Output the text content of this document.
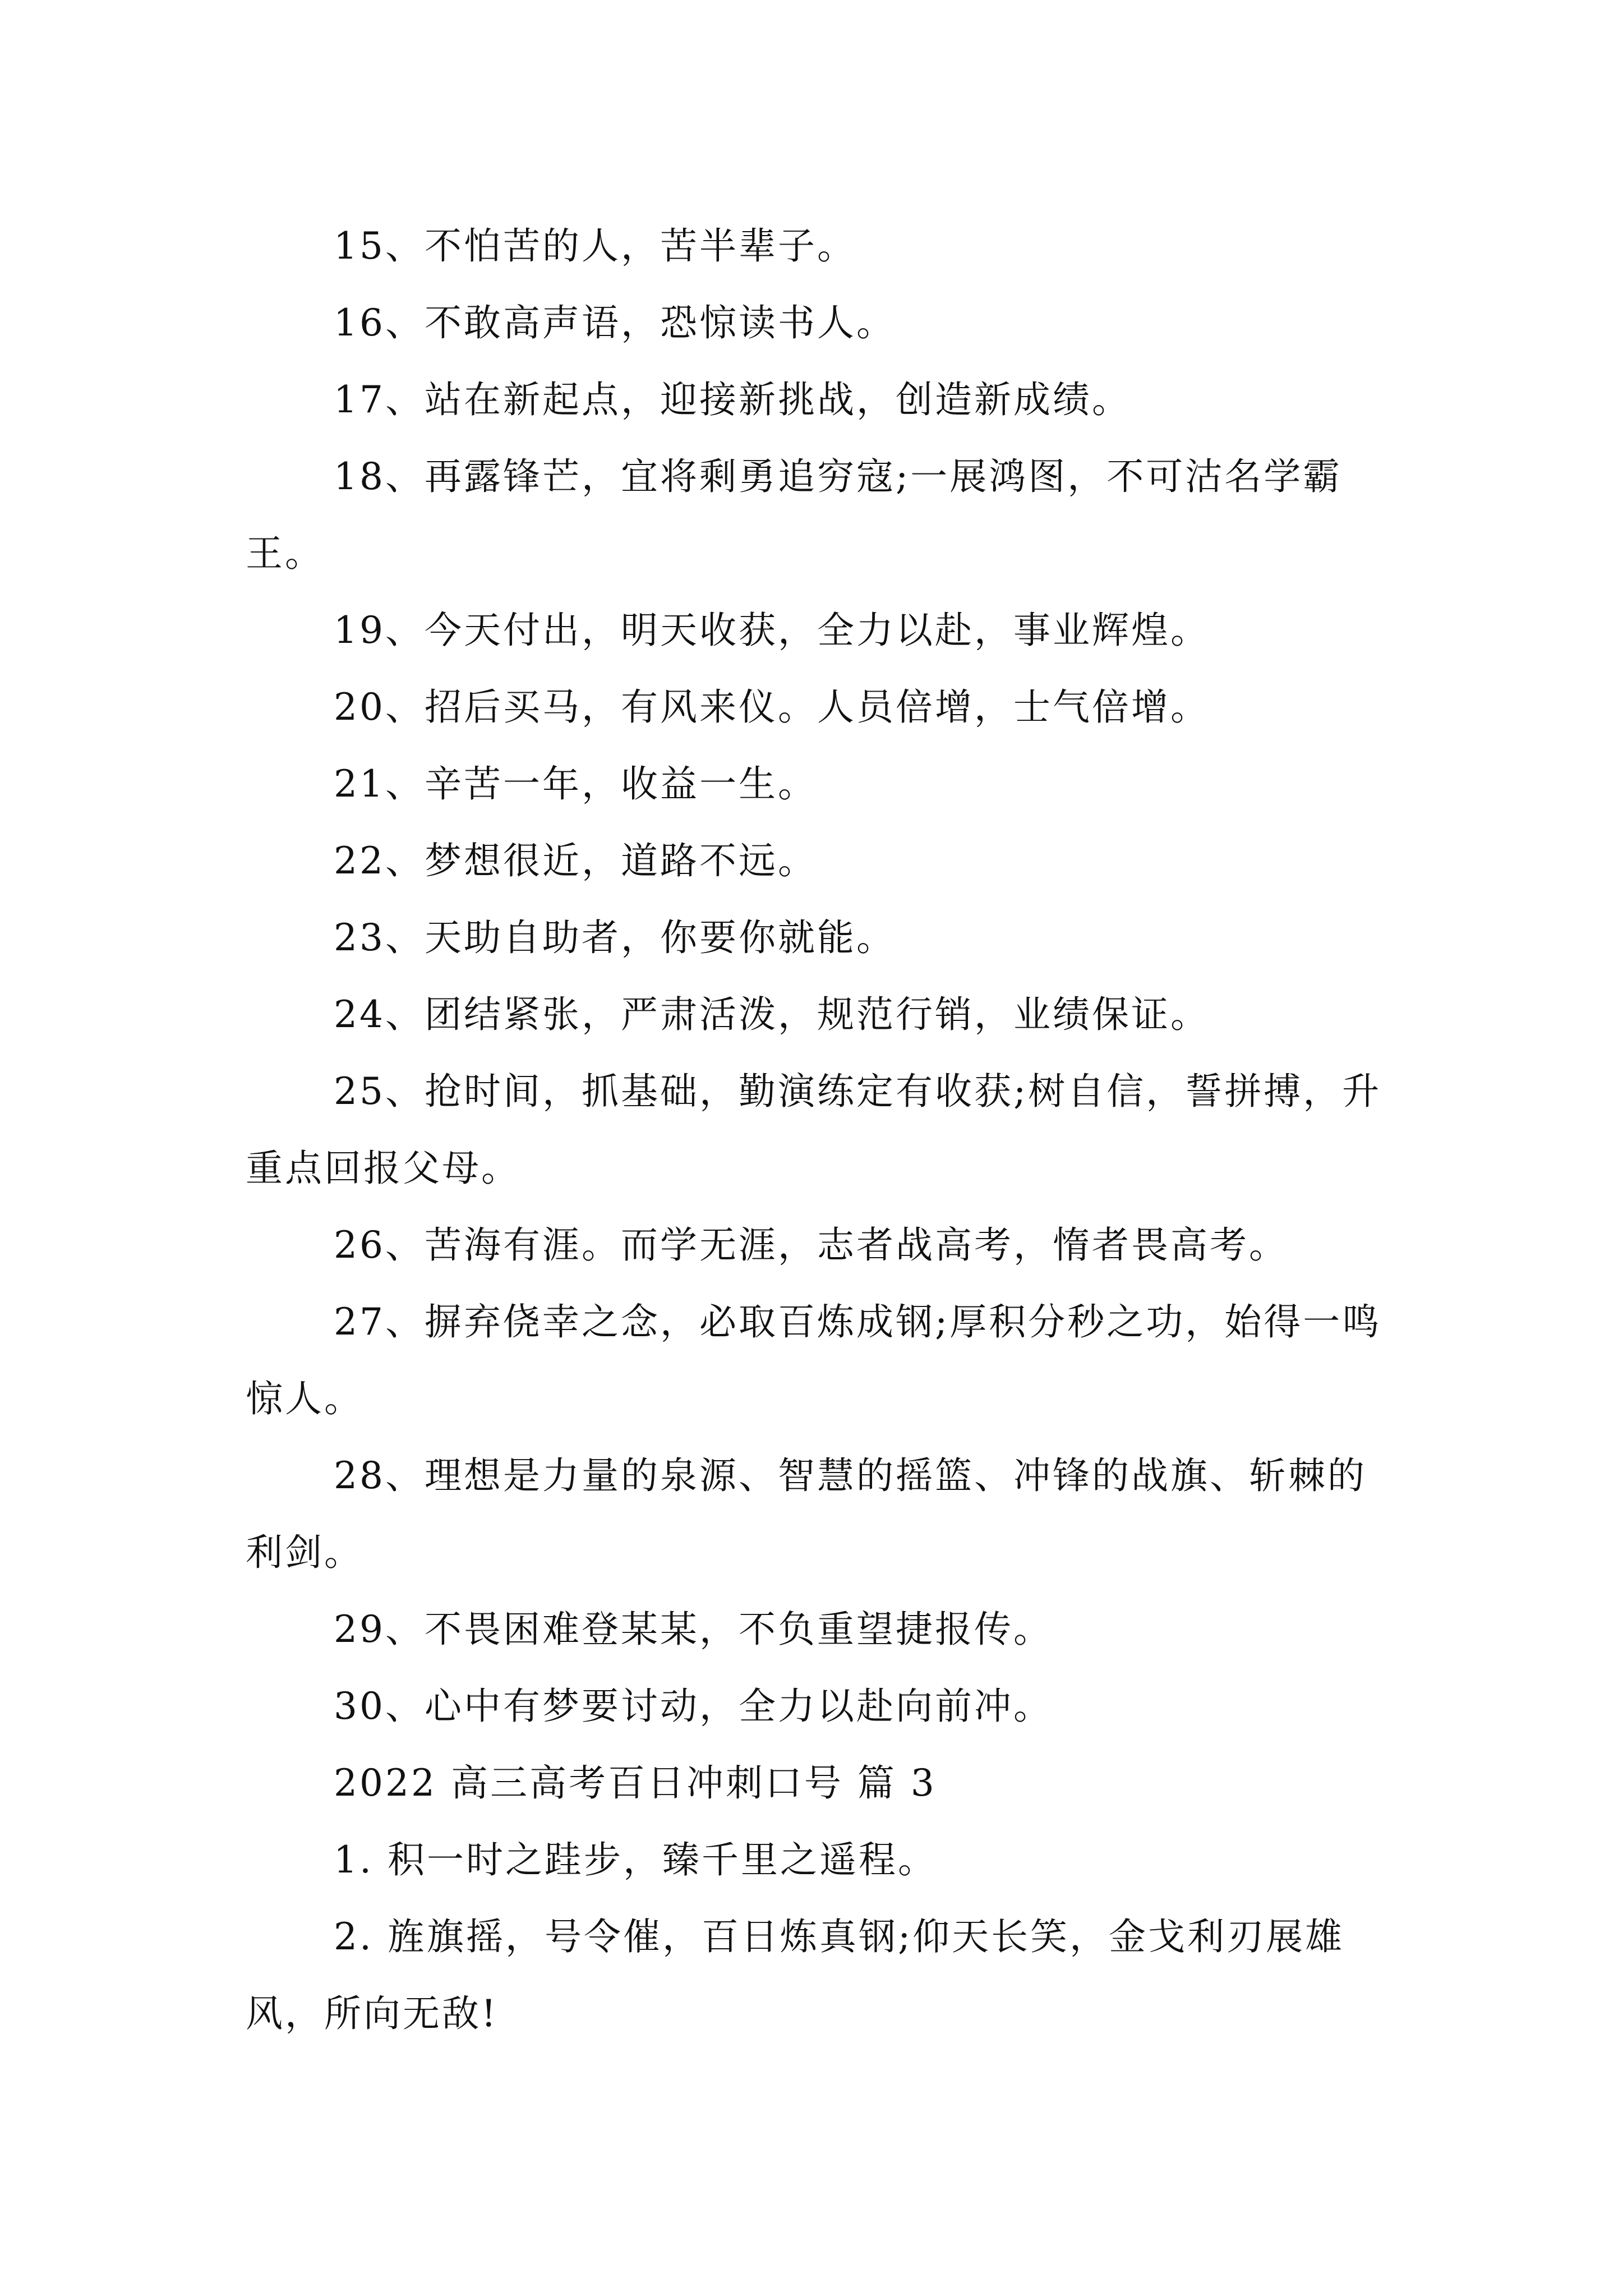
15、不怕苦的人，苦半辈子。

16、不敢高声语，恐惊读书人。

17、站在新起点，迎接新挑战，创造新成绩。

18、再露锋芒，宜将剩勇追穷寇;一展鸿图，不可沽名学霸王。

19、今天付出，明天收获，全力以赴，事业辉煌。

20、招后买马，有风来仪。人员倍增，士气倍增。

21、辛苦一年，收益一生。

22、梦想很近，道路不远。

23、天助自助者，你要你就能。

24、团结紧张，严肃活泼，规范行销，业绩保证。

25、抢时间，抓基础，勤演练定有收获;树自信，誓拼搏，升重点回报父母。

26、苦海有涯。而学无涯，志者战高考，惰者畏高考。

27、摒弃侥幸之念，必取百炼成钢;厚积分秒之功，始得一鸣惊人。

28、理想是力量的泉源、智慧的摇篮、冲锋的战旗、斩棘的利剑。

29、不畏困难登某某，不负重望捷报传。

30、心中有梦要讨动，全力以赴向前冲。

2022 高三高考百日冲刺口号 篇 3

1. 积一时之跬步，臻千里之遥程。

2. 旌旗摇，号令催，百日炼真钢;仰天长笑，金戈利刃展雄风，所向无敌!
